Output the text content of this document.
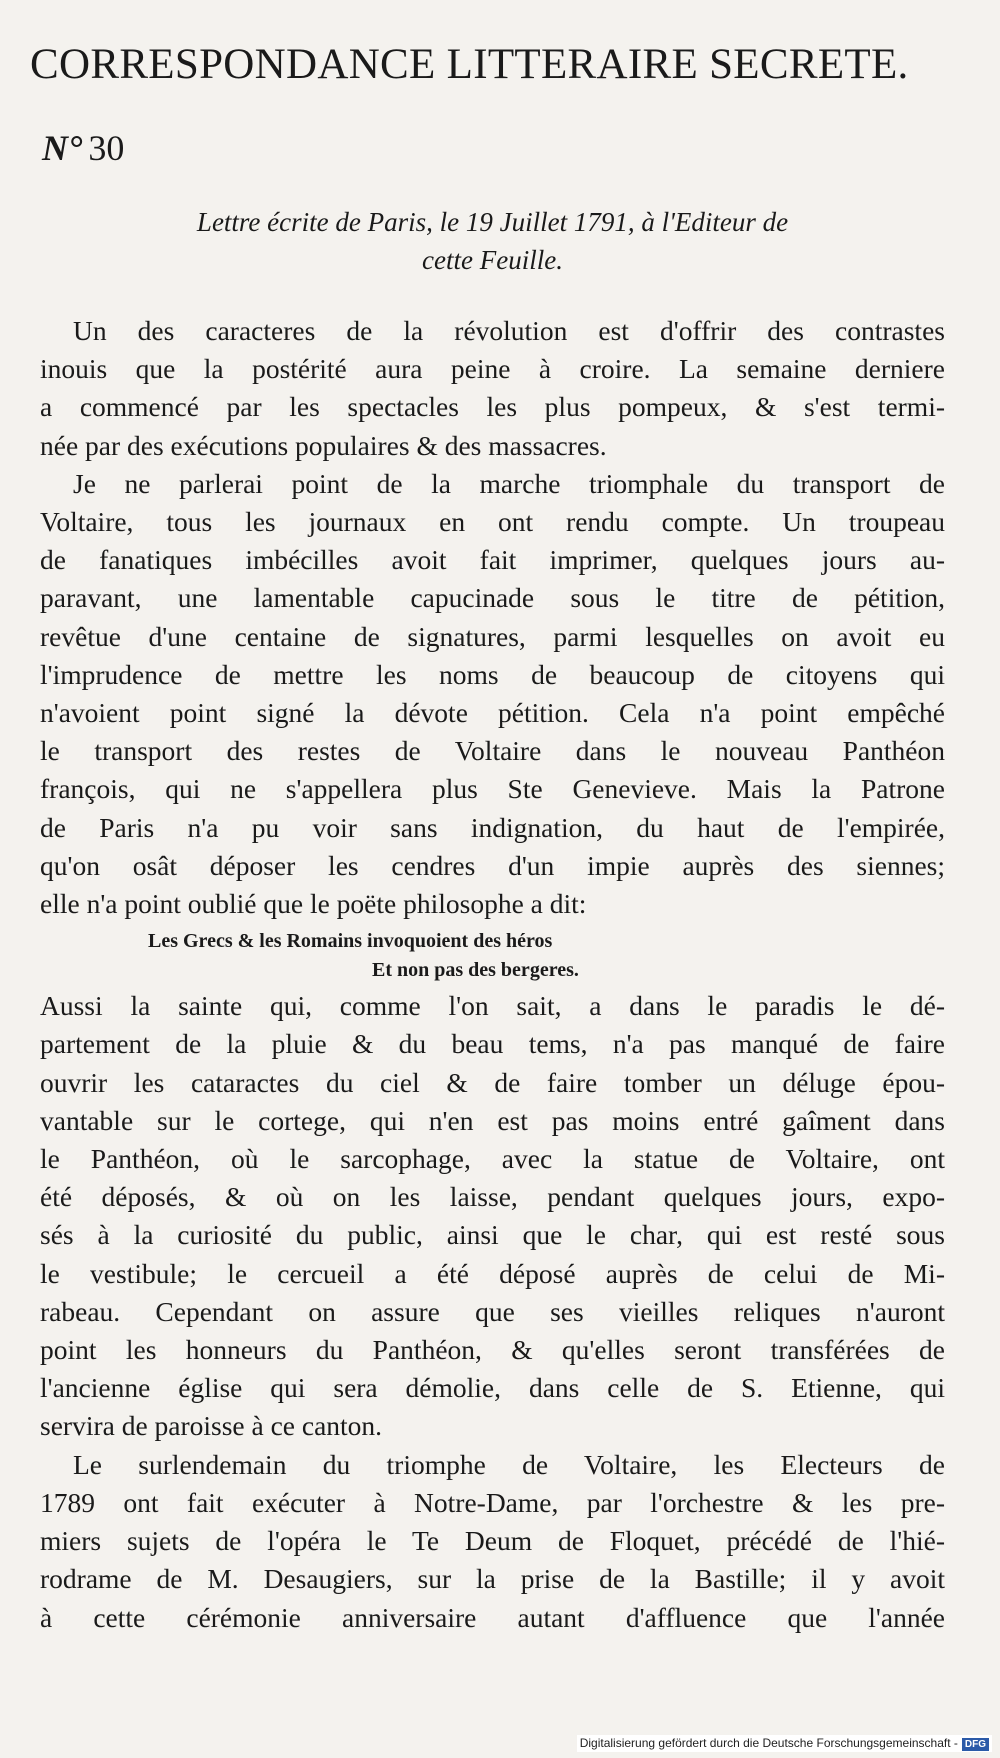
CORRESPONDANCE LITTERAIRE SECRETE.
N° 30
Lettre écrite de Paris, le 19 Juillet 1791, à l'Editeur de
cette Feuille.

Un des caracteres de la révolution est d'offrir des contrastes
inouis que la postérité aura peine à croire. La semaine derniere
a commencé par les spectacles les plus pompeux, & s'est termi-
née par des exécutions populaires & des massacres.

Je ne parlerai point de la marche triomphale du transport de
Voltaire, tous les journaux en ont rendu compte. Un troupeau
de fanatiques imbécilles avoit fait imprimer, quelques jours au-
paravant, une lamentable capucinade sous le titre de pétition,
revêtue d'une centaine de signatures, parmi lesquelles on avoit eu
l'imprudence de mettre les noms de beaucoup de citoyens qui
n'avoient point signé la dévote pétition. Cela n'a point empêché
le transport des restes de Voltaire dans le nouveau Panthéon
françois, qui ne s'appellera plus Ste Genevieve. Mais la Patrone
de Paris n'a pu voir sans indignation, du haut de l'empirée,
qu'on osât déposer les cendres d'un impie auprès des siennes;
elle n'a point oublié que le poëte philosophe a dit:

Les Grecs & les Romains invoquoient des héros
Et non pas des bergeres.

Aussi la sainte qui, comme l'on sait, a dans le paradis le dé-
partement de la pluie & du beau tems, n'a pas manqué de faire
ouvrir les cataractes du ciel & de faire tomber un déluge épou-
vantable sur le cortege, qui n'en est pas moins entré gaîment dans
le Panthéon, où le sarcophage, avec la statue de Voltaire, ont
été déposés, & où on les laisse, pendant quelques jours, expo-
sés à la curiosité du public, ainsi que le char, qui est resté sous
le vestibule; le cercueil a été déposé auprès de celui de Mi-
rabeau. Cependant on assure que ses vieilles reliques n'auront
point les honneurs du Panthéon, & qu'elles seront transférées de
l'ancienne église qui sera démolie, dans celle de S. Etienne, qui
servira de paroisse à ce canton.

Le surlendemain du triomphe de Voltaire, les Electeurs de
1789 ont fait exécuter à Notre-Dame, par l'orchestre & les pre-
miers sujets de l'opéra le Te Deum de Floquet, précédé de l'hié-
rodrame de M. Desaugiers, sur la prise de la Bastille; il y avoit
à cette cérémonie anniversaire autant d'affluence que l'année

Digitalisierung gefördert durch die Deutsche Forschungsgemeinschaft - DFG
